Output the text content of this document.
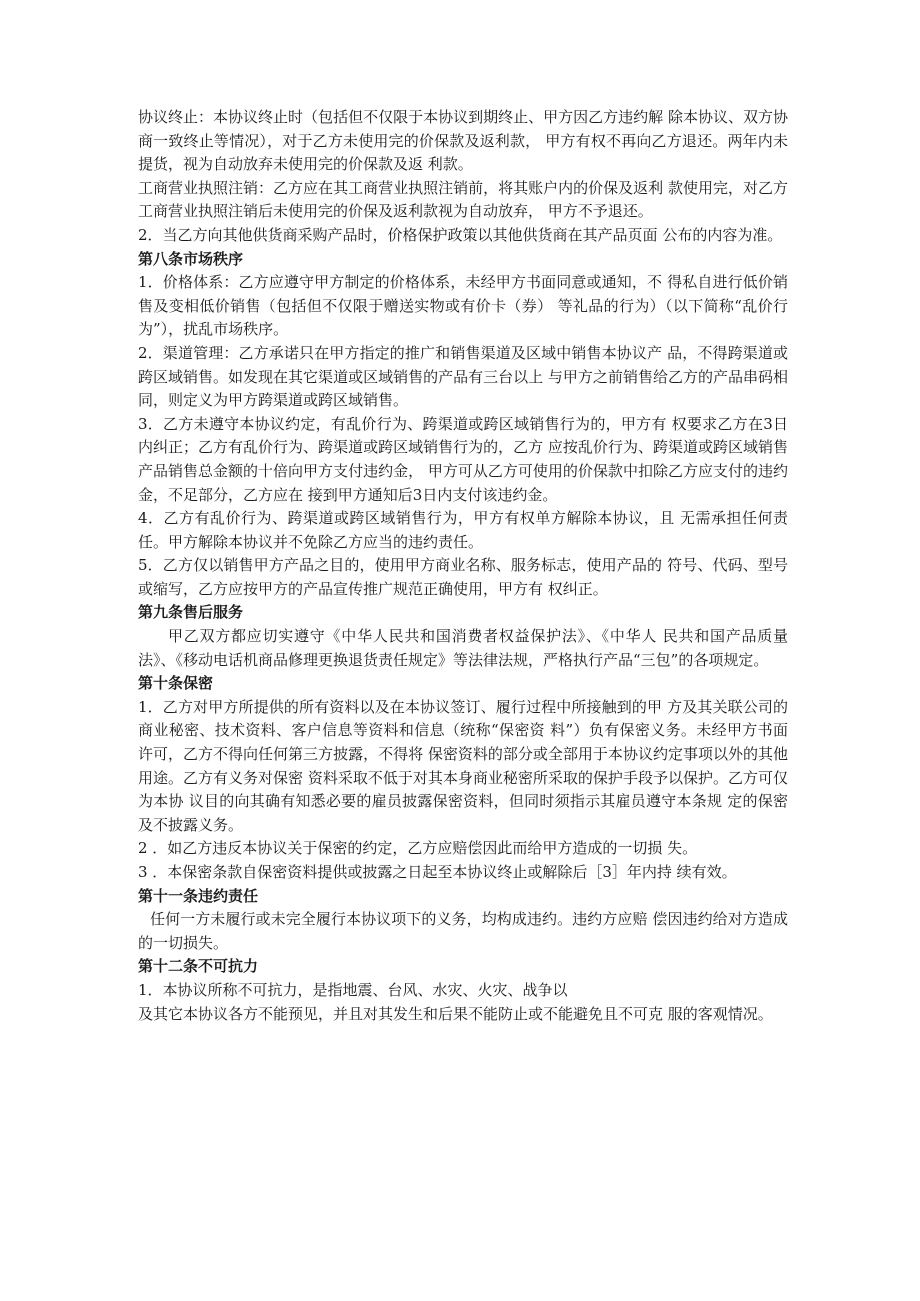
协议终止：本协议终止时（包括但不仅限于本协议到期终止、甲方因乙方违约解 除本协议、双方协商一致终止等情况），对于乙方未使用完的价保款及返利款， 甲方有权不再向乙方退还。两年内未提货，视为自动放弃未使用完的价保款及返 利款。

工商营业执照注销：乙方应在其工商营业执照注销前，将其账户内的价保及返利 款使用完，对乙方工商营业执照注销后未使用完的价保及返利款视为自动放弃， 甲方不予退还。

2．当乙方向其他供货商采购产品时，价格保护政策以其他供货商在其产品页面 公布的内容为准。

第八条市场秩序

1．价格体系：乙方应遵守甲方制定的价格体系，未经甲方书面同意或通知，不 得私自进行低价销售及变相低价销售（包括但不仅限于赠送实物或有价卡（券） 等礼品的行为）（以下简称“乱价行为”），扰乱市场秩序。

2．渠道管理：乙方承诺只在甲方指定的推广和销售渠道及区域中销售本协议产 品，不得跨渠道或跨区域销售。如发现在其它渠道或区域销售的产品有三台以上 与甲方之前销售给乙方的产品串码相同，则定义为甲方跨渠道或跨区域销售。

3．乙方未遵守本协议约定，有乱价行为、跨渠道或跨区域销售行为的，甲方有 权要求乙方在3日内纠正；乙方有乱价行为、跨渠道或跨区域销售行为的，乙方 应按乱价行为、跨渠道或跨区域销售产品销售总金额的十倍向甲方支付违约金， 甲方可从乙方可使用的价保款中扣除乙方应支付的违约金，不足部分，乙方应在 接到甲方通知后3日内支付该违约金。

4．乙方有乱价行为、跨渠道或跨区域销售行为，甲方有权单方解除本协议，且 无需承担任何责任。甲方解除本协议并不免除乙方应当的违约责任。

5．乙方仅以销售甲方产品之目的，使用甲方商业名称、服务标志，使用产品的 符号、代码、型号或缩写，乙方应按甲方的产品宣传推广规范正确使用，甲方有 权纠正。

第九条售后服务

甲乙双方都应切实遵守《中华人民共和国消费者权益保护法》、《中华人 民共和国产品质量法》、《移动电话机商品修理更换退货责任规定》等法律法规，严格执行产品“三包”的各项规定。

第十条保密

1．乙方对甲方所提供的所有资料以及在本协议签订、履行过程中所接触到的甲 方及其关联公司的商业秘密、技术资料、客户信息等资料和信息（统称“保密资 料”）负有保密义务。未经甲方书面许可，乙方不得向任何第三方披露，不得将 保密资料的部分或全部用于本协议约定事项以外的其他用途。乙方有义务对保密 资料采取不低于对其本身商业秘密所采取的保护手段予以保护。乙方可仅为本协 议目的向其确有知悉必要的雇员披露保密资料，但同时须指示其雇员遵守本条规 定的保密及不披露义务。

2 ．如乙方违反本协议关于保密的约定，乙方应赔偿因此而给甲方造成的一切损 失。

3 ．本保密条款自保密资料提供或披露之日起至本协议终止或解除后［3］年内持 续有效。

第十一条违约责任

任何一方未履行或未完全履行本协议项下的义务，均构成违约。违约方应赔 偿因违约给对方造成的一切损失。

第十二条不可抗力

1．本协议所称不可抗力，是指地震、台风、水灾、火灾、战争以

及其它本协议各方不能预见，并且对其发生和后果不能防止或不能避免且不可克 服的客观情况。
